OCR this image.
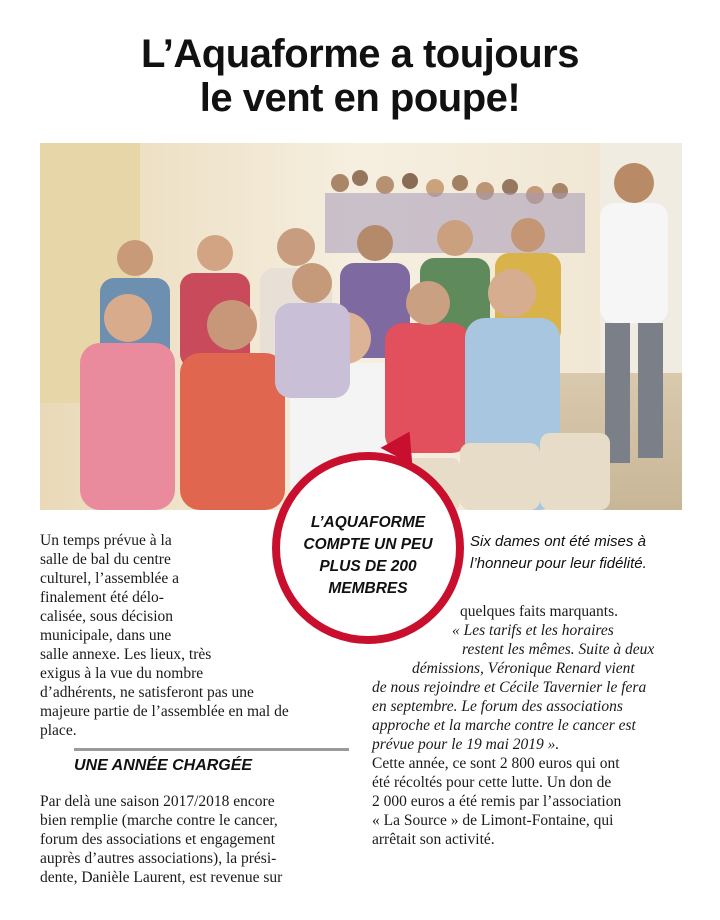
L’Aquaforme a toujours
le vent en poupe!
L’AQUAFORME
COMPTE UN PEU
PLUS DE 200
MEMBRES
Six dames ont été mises à
l’honneur pour leur fidélité.
Un temps prévue à la
salle de bal du centre
culturel, l’assemblée a
finalement été délo-
calisée, sous décision
municipale, dans une
salle annexe. Les lieux, très
exigus à la vue du nombre
d’adhérents, ne satisferont pas une
majeure partie de l’assemblée en mal de
place.
UNE ANNÉE CHARGÉE
Par delà une saison 2017/2018 encore
bien remplie (marche contre le cancer,
forum des associations et engagement
auprès d’autres associations), la prési-
dente, Danièle Laurent, est revenue sur
quelques faits marquants.
« Les tarifs et les horaires
restent les mêmes. Suite à deux
démissions, Véronique Renard vient
de nous rejoindre et Cécile Tavernier le fera
en septembre. Le forum des associations
approche et la marche contre le cancer est
prévue pour le 19 mai 2019 ».
Cette année, ce sont 2 800 euros qui ont
été récoltés pour cette lutte. Un don de
2 000 euros a été remis par l’association
« La Source » de Limont-Fontaine, qui
arrêtait son activité.
